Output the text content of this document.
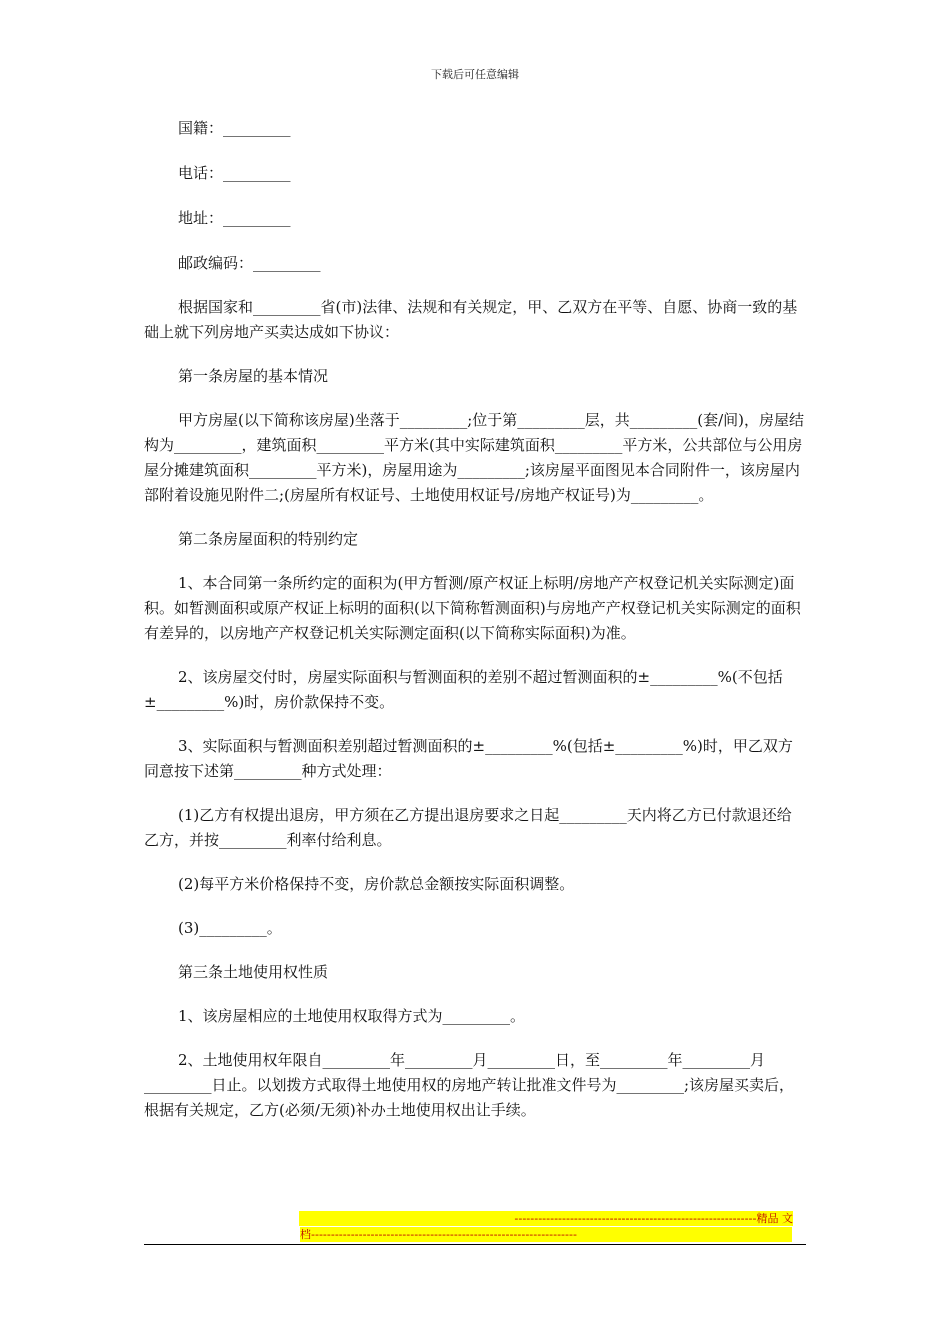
下载后可任意编辑

国籍：_________

电话：_________

地址：_________

邮政编码：_________

根据国家和_________省(市)法律、法规和有关规定，甲、乙双方在平等、自愿、协商一致的基础上就下列房地产买卖达成如下协议：

第一条房屋的基本情况

甲方房屋(以下简称该房屋)坐落于_________;位于第_________层，共_________(套/间)，房屋结构为_________，建筑面积_________平方米(其中实际建筑面积_________平方米，公共部位与公用房屋分摊建筑面积_________平方米)，房屋用途为_________;该房屋平面图见本合同附件一，该房屋内部附着设施见附件二;(房屋所有权证号、土地使用权证号/房地产权证号)为_________。

第二条房屋面积的特别约定

1、本合同第一条所约定的面积为(甲方暂测/原产权证上标明/房地产产权登记机关实际测定)面积。如暂测面积或原产权证上标明的面积(以下简称暂测面积)与房地产产权登记机关实际测定的面积有差异的，以房地产产权登记机关实际测定面积(以下简称实际面积)为准。

2、该房屋交付时，房屋实际面积与暂测面积的差别不超过暂测面积的±_________%(不包括±_________%)时，房价款保持不变。

3、实际面积与暂测面积差别超过暂测面积的±_________%(包括±_________%)时，甲乙双方同意按下述第_________种方式处理：

(1)乙方有权提出退房，甲方须在乙方提出退房要求之日起_________天内将乙方已付款退还给乙方，并按_________利率付给利息。

(2)每平方米价格保持不变，房价款总金额按实际面积调整。

(3)_________。

第三条土地使用权性质

1、该房屋相应的土地使用权取得方式为_________。

2、土地使用权年限自_________年_________月_________日，至_________年_________月_________日止。以划拨方式取得土地使用权的房地产转让批准文件号为_________;该房屋买卖后，根据有关规定，乙方(必须/无须)补办土地使用权出让手续。

-------------------------------------------------------------精品 文
档-------------------------------------------------------------------
